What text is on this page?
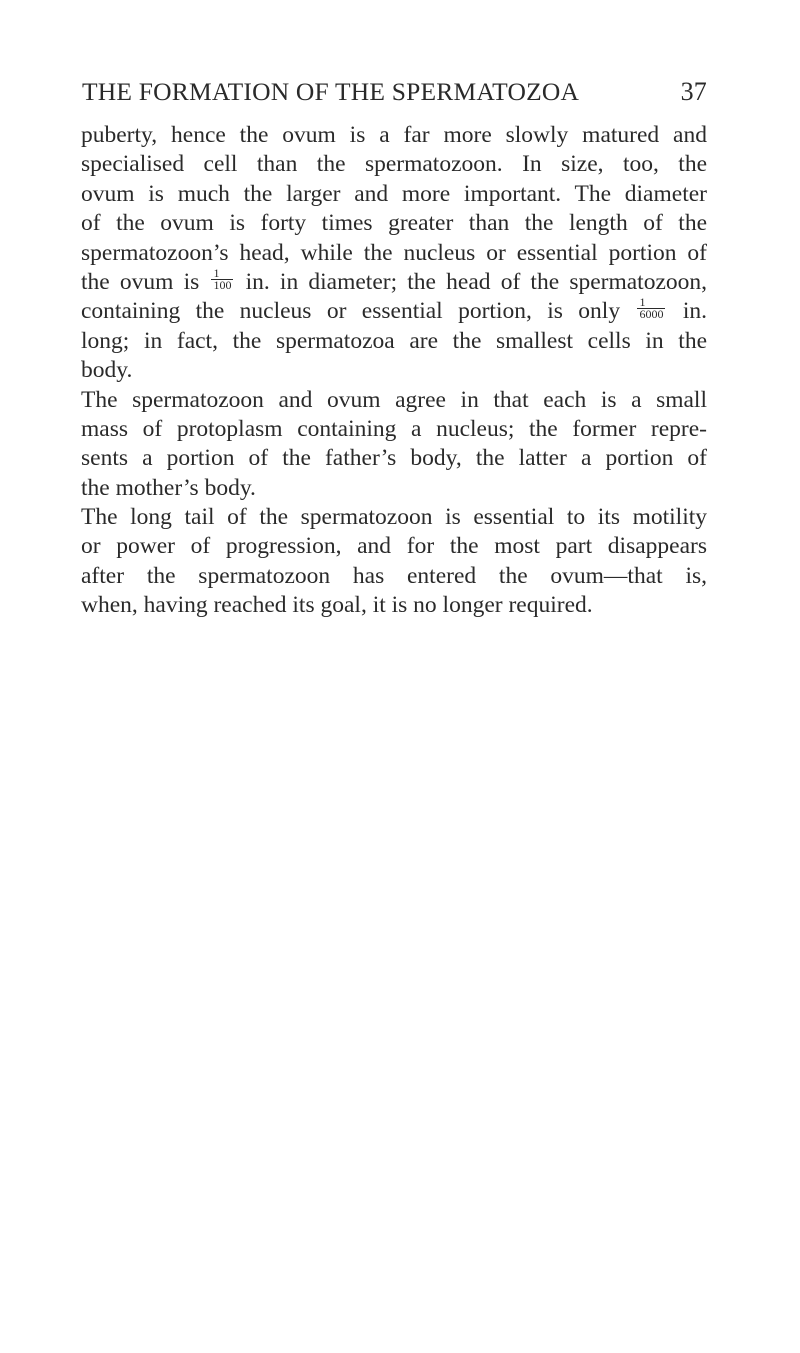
THE FORMATION OF THE SPERMATOZOA	37
puberty, hence the ovum is a far more slowly matured and
specialised cell than the spermatozoon. In size, too, the
ovum is much the larger and more important. The diameter
of the ovum is forty times greater than the length of the
spermatozoon’s head, while the nucleus or essential portion of
the ovum is $\frac{1}{100}$ in. in diameter; the head of the spermatozoon,
containing the nucleus or essential portion, is only $\frac{1}{6000}$ in.
long; in fact, the spermatozoa are the smallest cells in the
body.
The spermatozoon and ovum agree in that each is a small
mass of protoplasm containing a nucleus; the former repre-
sents a portion of the father’s body, the latter a portion of
the mother’s body.
The long tail of the spermatozoon is essential to its motility
or power of progression, and for the most part disappears
after the spermatozoon has entered the ovum—that is,
when, having reached its goal, it is no longer required.
